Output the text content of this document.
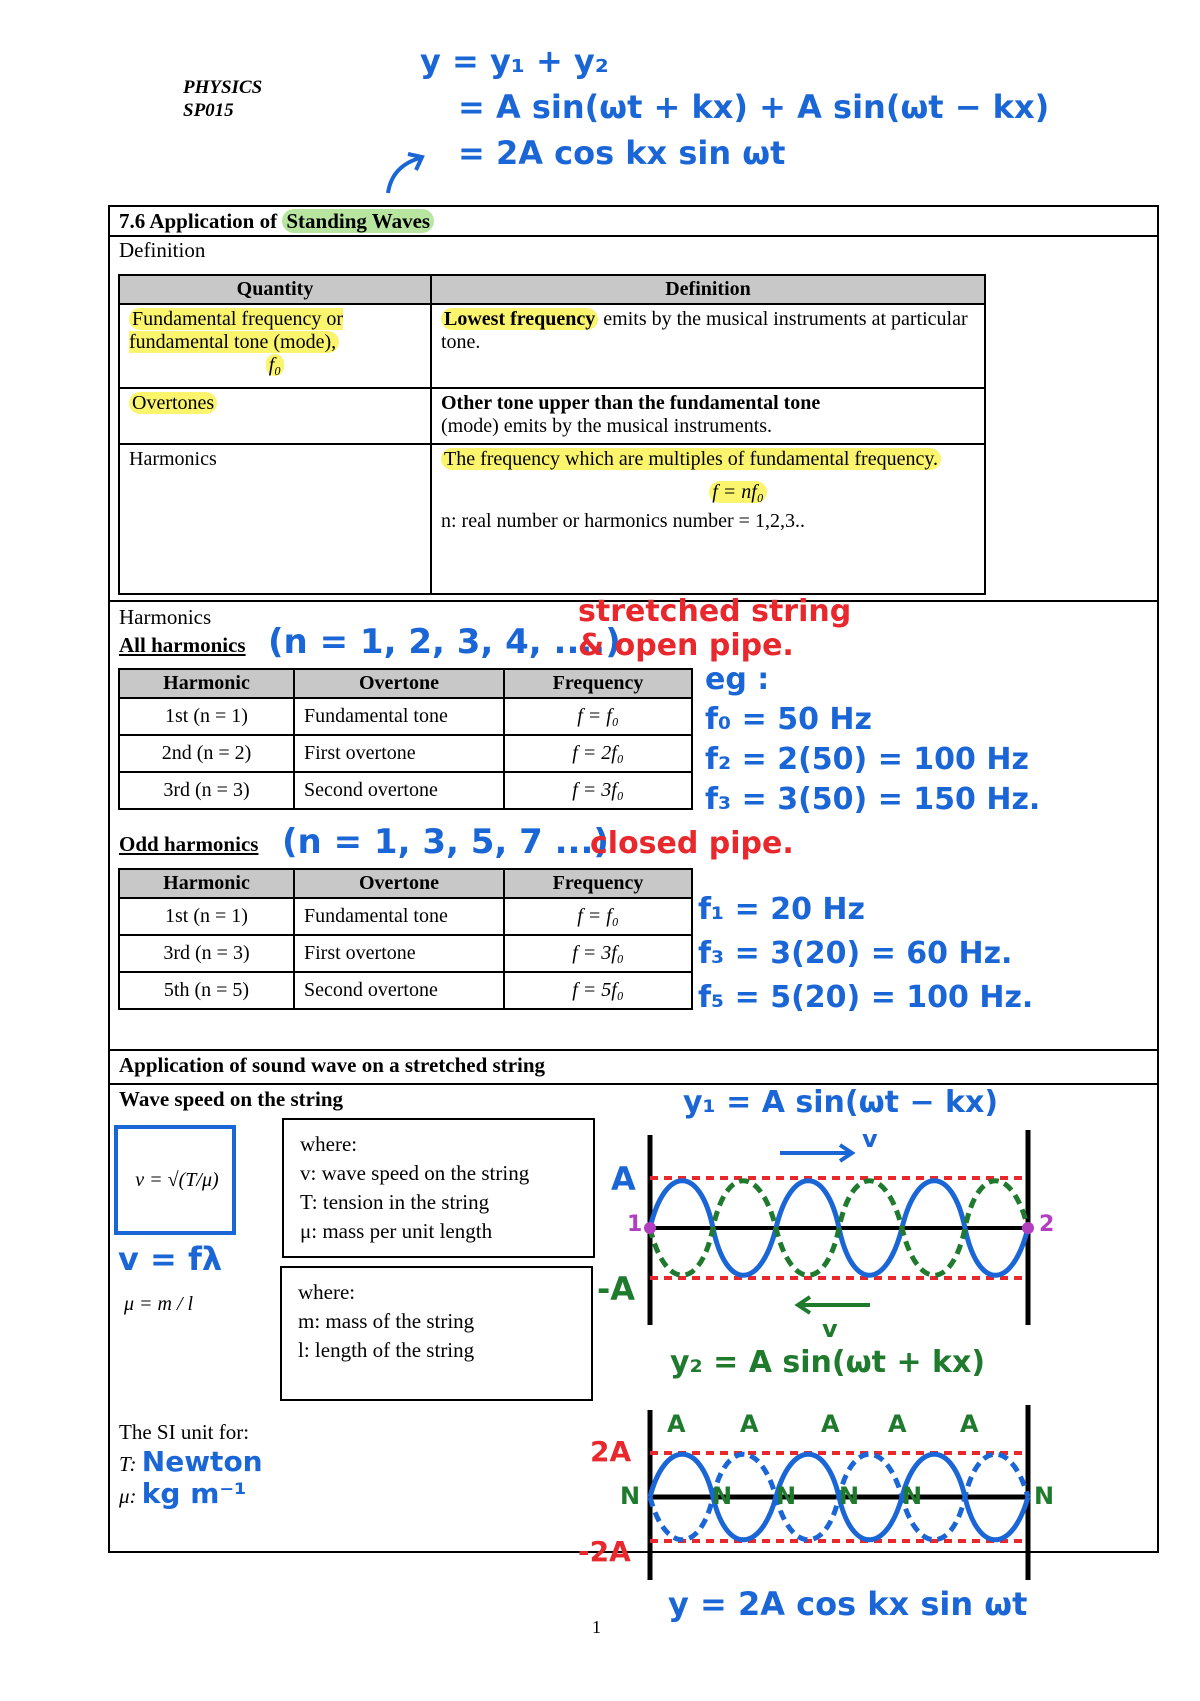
PHYSICS
SP015
y = y₁ + y₂
= A sin(ωt + kx) + A sin(ωt − kx)
= 2A cos kx sin ωt
7.6 Application of Standing Waves
Definition
Quantity	Definition
Fundamental frequency or fundamental tone (mode),
f₀	Lowest frequency emits by the musical instruments at particular tone.
Overtones	Other tone upper than the fundamental tone
(mode) emits by the musical instruments.

Harmonics	The frequency which are multiples of fundamental frequency.
f = nf₀
n: real number or harmonics number = 1,2,3..
Harmonics
All harmonics (n = 1, 2, 3, 4, ....)
stretched string & open pipe.
Harmonic	Overtone	Frequency
1st (n = 1)	Fundamental tone	f = f₀
2nd (n = 2)	First overtone	f = 2f₀
3rd (n = 3)	Second overtone	f = 3f₀
eg :
f₀ = 50 Hz
f₂ = 2(50) = 100 Hz
f₃ = 3(50) = 150 Hz.
Odd harmonics (n = 1, 3, 5, 7 ...)
closed pipe.
Harmonic	Overtone	Frequency
1st (n = 1)	Fundamental tone	f = f₀
3rd (n = 3)	First overtone	f = 3f₀
5th (n = 5)	Second overtone	f = 5f₀
f₁ = 20 Hz
f₃ = 3(20) = 60 Hz.
f₅ = 5(20) = 100 Hz.
Application of sound wave on a stretched string
Wave speed on the string
v = √(T/μ)
v = fλ
μ = m / l
where:
v: wave speed on the string
T: tension in the string
μ: mass per unit length
where:
m: mass of the string
l: length of the string
The SI unit for:
T: Newton
μ: kg m⁻¹
y₁ = A sin(ωt − kx)
v
v
A
-A
1	2
y₂ = A sin(ωt + kx)
2A
-2A
N	N
N N N N
A A	A A A
y = 2A cos kx sin ωt
1
